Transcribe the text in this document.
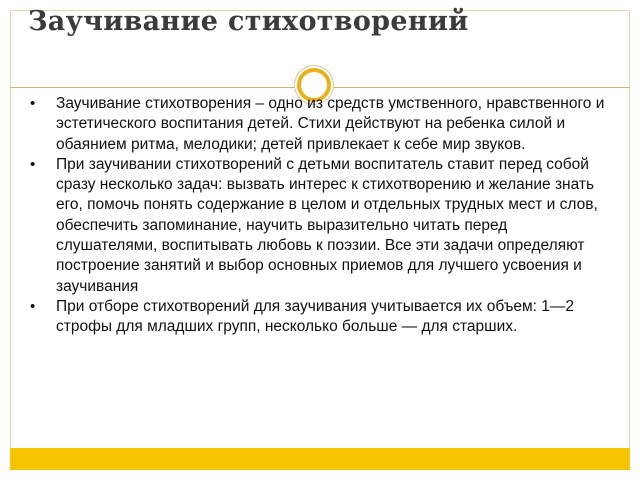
Заучивание стихотворений
• Заучивание стихотворения – одно из средств умственного, нравственного и эстетического воспитания детей. Стихи действуют на ребенка силой и обаянием ритма, мелодики; детей привлекает к себе мир звуков.
• При заучивании стихотворений с детьми воспитатель ставит перед собой сразу несколько задач: вызвать интерес к стихотворению и желание знать его, помочь понять содержание в целом и отдельных трудных мест и слов, обеспечить запоминание, научить выразительно читать перед слушателями, воспитывать любовь к поэзии. Все эти задачи определяют построение занятий и выбор основных приемов для лучшего усвоения и заучивания
• При отборе стихотворений для заучивания учитывается их объем: 1—2 строфы для младших групп, несколько больше — для старших.
